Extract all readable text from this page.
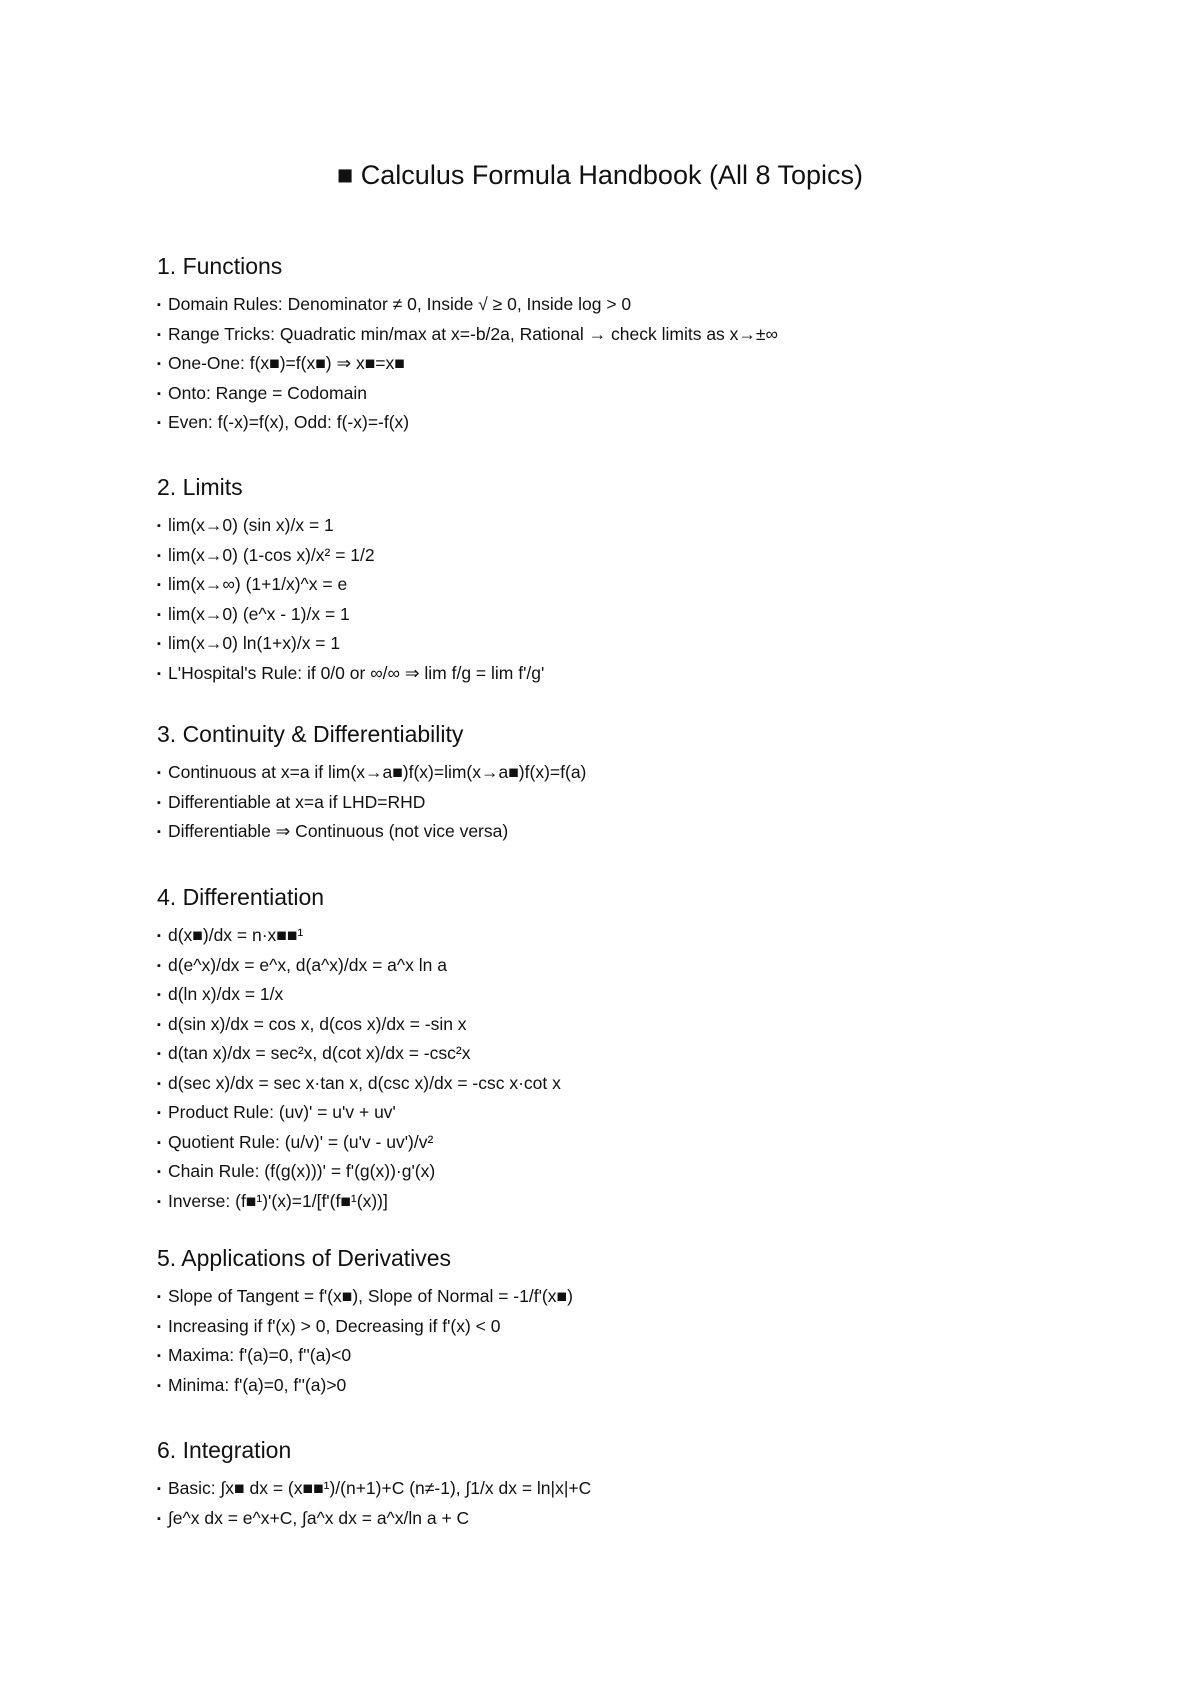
■ Calculus Formula Handbook (All 8 Topics)
1. Functions
▪ Domain Rules: Denominator ≠ 0, Inside √ ≥ 0, Inside log > 0
▪ Range Tricks: Quadratic min/max at x=-b/2a, Rational → check limits as x→±∞
▪ One-One: f(x■)=f(x■) ⇒ x■=x■
▪ Onto: Range = Codomain
▪ Even: f(-x)=f(x), Odd: f(-x)=-f(x)
2. Limits
▪ lim(x→0) (sin x)/x = 1
▪ lim(x→0) (1-cos x)/x² = 1/2
▪ lim(x→∞) (1+1/x)^x = e
▪ lim(x→0) (e^x - 1)/x = 1
▪ lim(x→0) ln(1+x)/x = 1
▪ L'Hospital's Rule: if 0/0 or ∞/∞ ⇒ lim f/g = lim f'/g'
3. Continuity & Differentiability
▪ Continuous at x=a if lim(x→a■)f(x)=lim(x→a■)f(x)=f(a)
▪ Differentiable at x=a if LHD=RHD
▪ Differentiable ⇒ Continuous (not vice versa)
4. Differentiation
▪ d(x■)/dx = n·x■■¹
▪ d(e^x)/dx = e^x, d(a^x)/dx = a^x ln a
▪ d(ln x)/dx = 1/x
▪ d(sin x)/dx = cos x, d(cos x)/dx = -sin x
▪ d(tan x)/dx = sec²x, d(cot x)/dx = -csc²x
▪ d(sec x)/dx = sec x·tan x, d(csc x)/dx = -csc x·cot x
▪ Product Rule: (uv)' = u'v + uv'
▪ Quotient Rule: (u/v)' = (u'v - uv')/v²
▪ Chain Rule: (f(g(x)))' = f'(g(x))·g'(x)
▪ Inverse: (f■¹)'(x)=1/[f'(f■¹(x))]
5. Applications of Derivatives
▪ Slope of Tangent = f'(x■), Slope of Normal = -1/f'(x■)
▪ Increasing if f'(x) > 0, Decreasing if f'(x) < 0
▪ Maxima: f'(a)=0, f''(a)<0
▪ Minima: f'(a)=0, f''(a)>0
6. Integration
▪ Basic: ∫x■ dx = (x■■¹)/(n+1)+C (n≠-1), ∫1/x dx = ln|x|+C
▪ ∫e^x dx = e^x+C, ∫a^x dx = a^x/ln a + C
